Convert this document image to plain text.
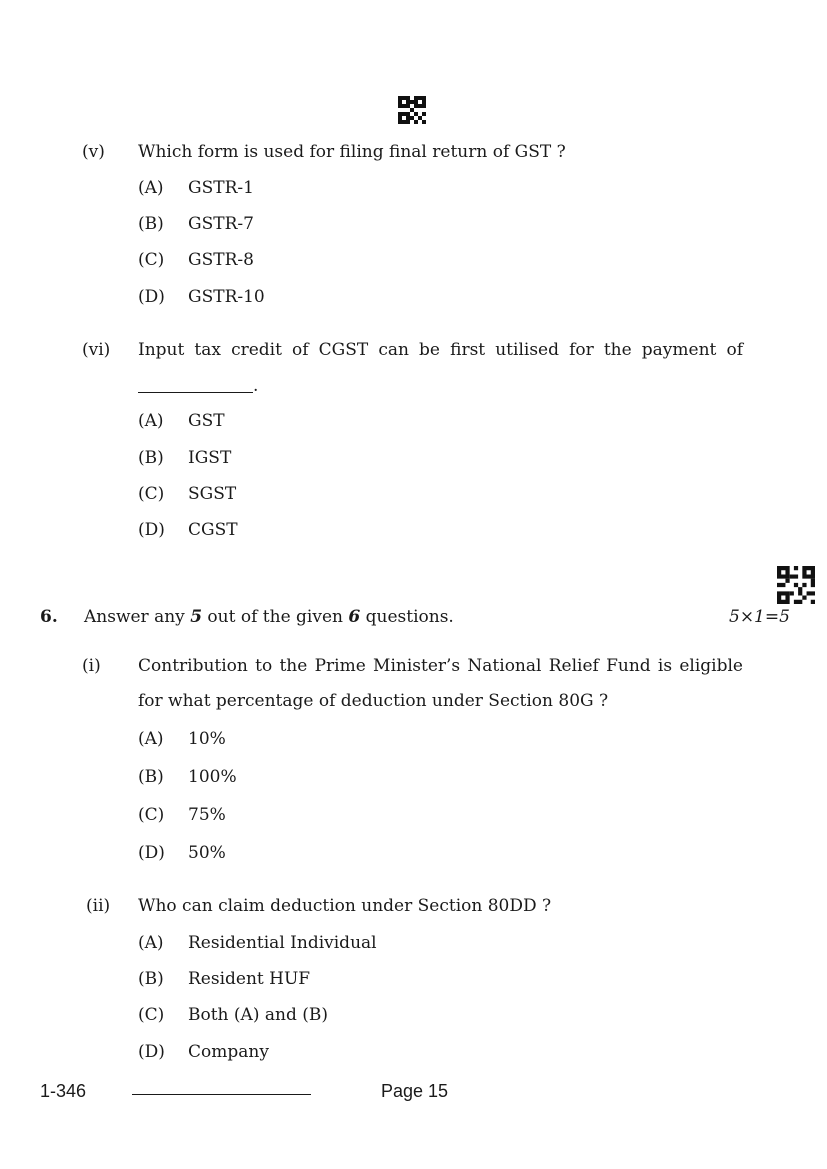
(v) Which form is used for filing final return of GST ?
(A) GSTR-1
(B) GSTR-7
(C) GSTR-8
(D) GSTR-10
(vi) Input tax credit of CGST can be first utilised for the payment of
.
(A) GST
(B) IGST
(C) SGST
(D) CGST
6. Answer any 5 out of the given 6 questions.	5×1=5
(i) Contribution to the Prime Minister’s National Relief Fund is eligible
for what percentage of deduction under Section 80G ?
(A) 10%
(B) 100%
(C) 75%
(D) 50%
(ii) Who can claim deduction under Section 80DD ?
(A) Residential Individual
(B) Resident HUF
(C) Both (A) and (B)
(D) Company
1-346	Page 15
